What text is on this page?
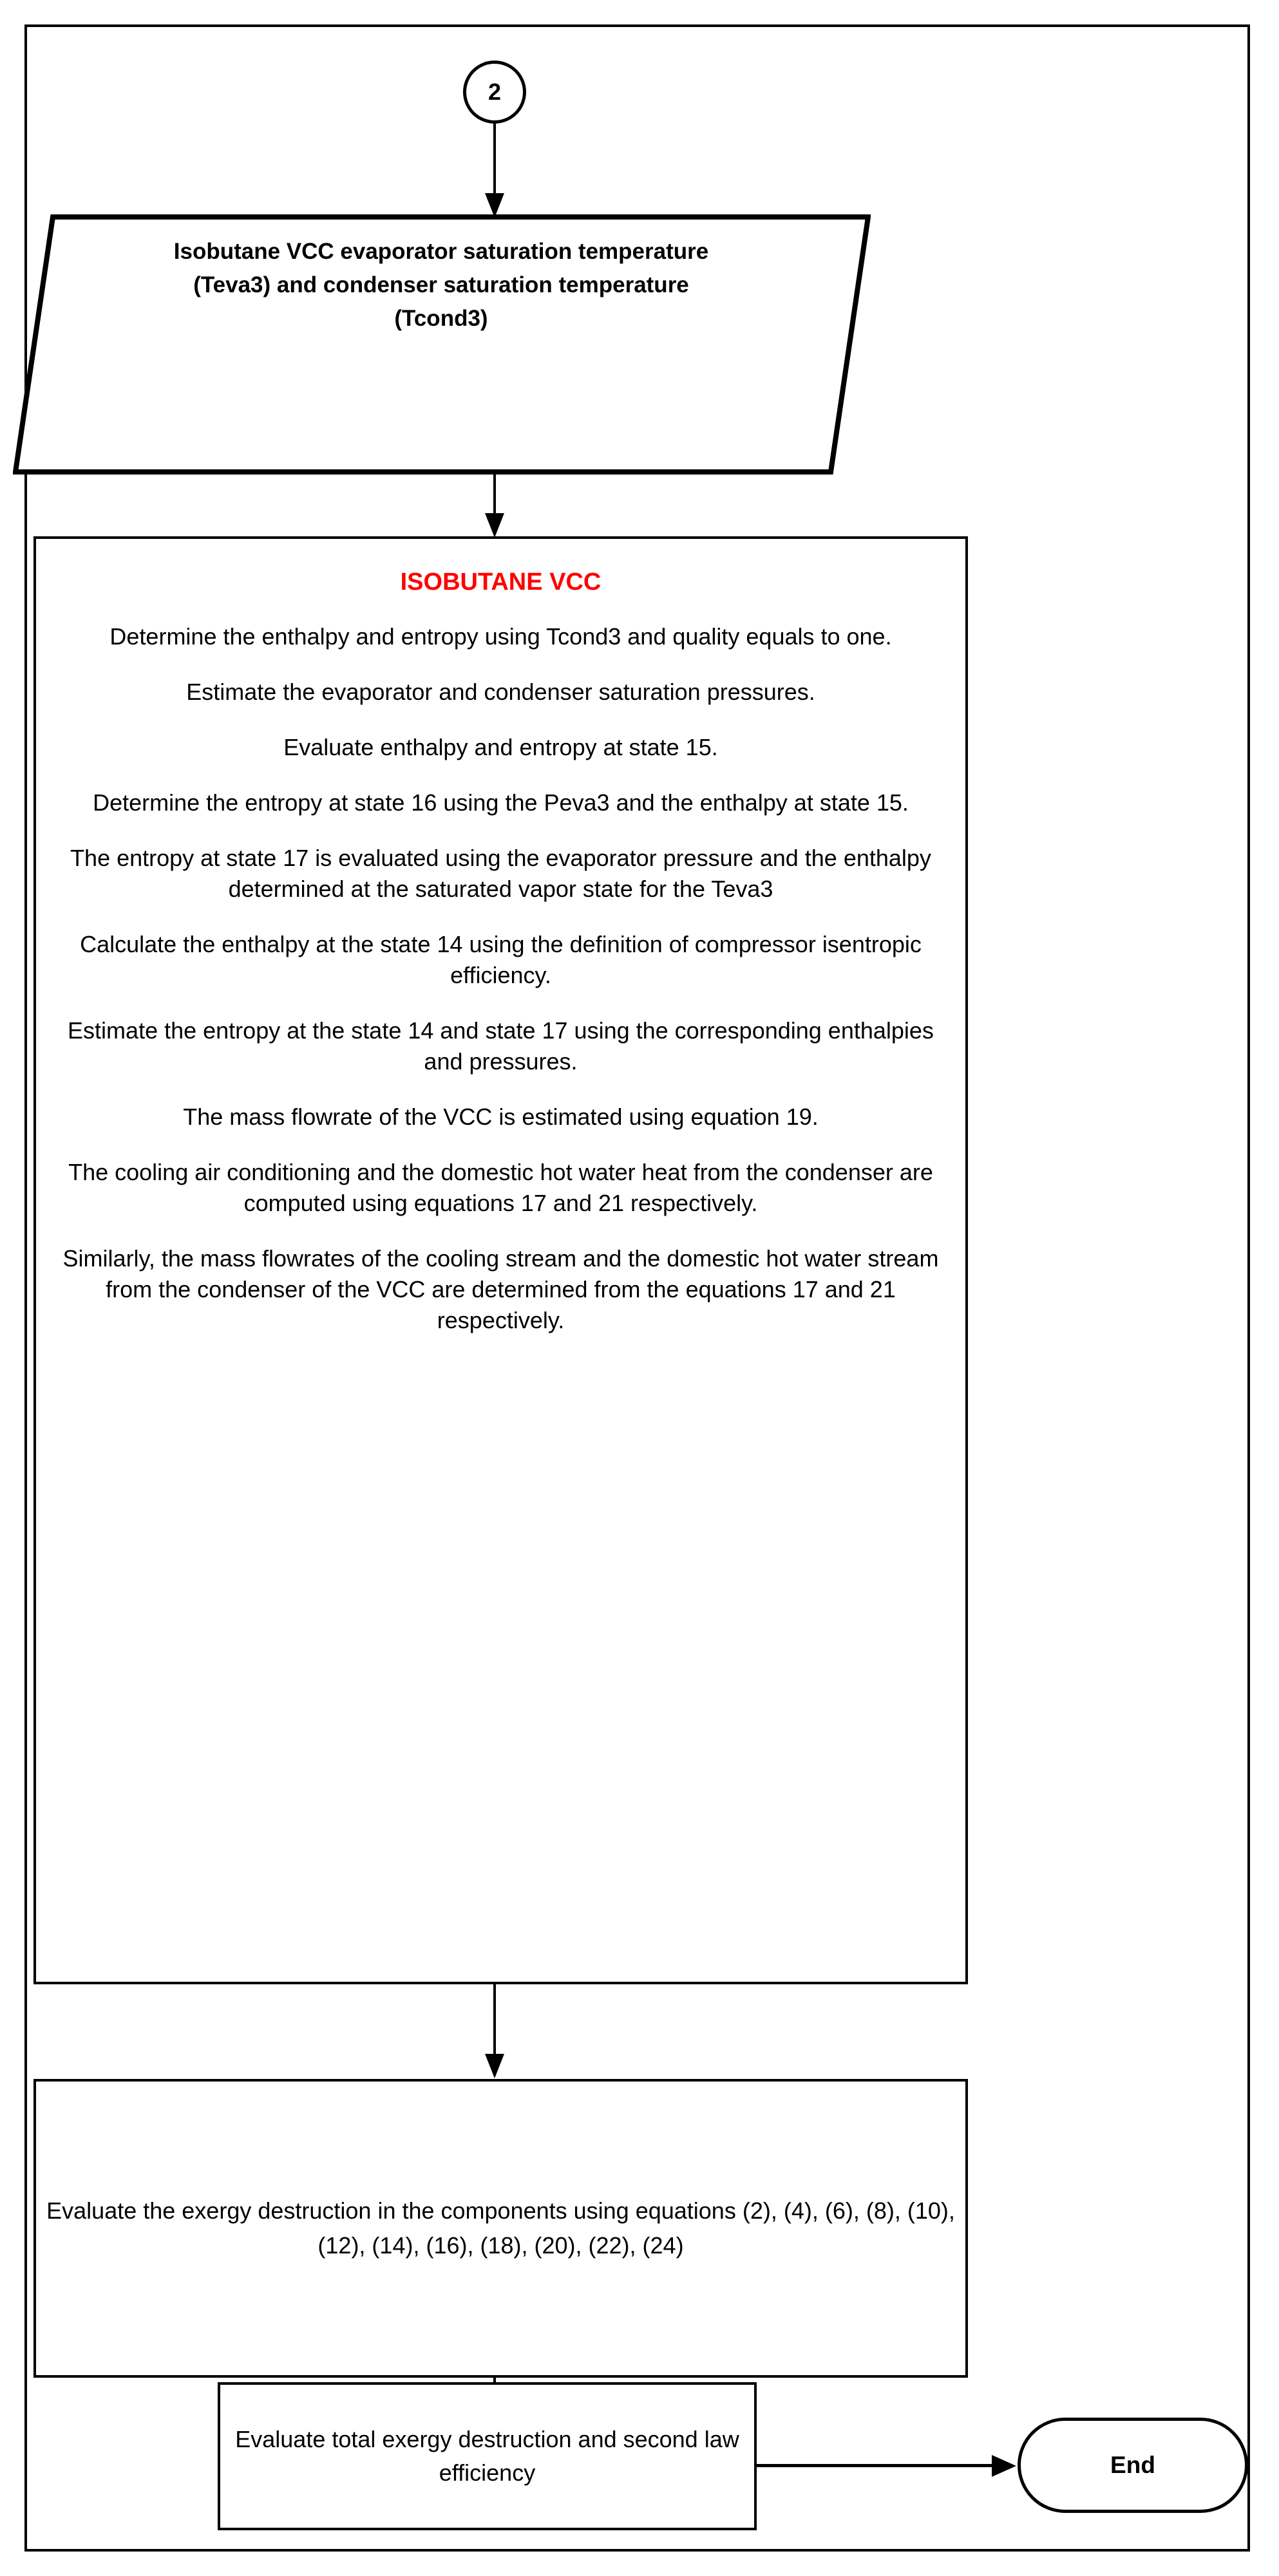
2
Isobutane VCC evaporator saturation temperature (Teva3) and condenser saturation temperature (Tcond3)
ISOBUTANE VCC
Determine the enthalpy and entropy using Tcond3 and quality equals to one.
Estimate the evaporator and condenser saturation pressures.
Evaluate enthalpy and entropy at state 15.
Determine the entropy at state 16 using the Peva3 and the enthalpy at state 15.
The entropy at state 17 is evaluated using the evaporator pressure and the enthalpy determined at the saturated vapor state for the Teva3
Calculate the enthalpy at the state 14 using the definition of compressor isentropic efficiency.
Estimate the entropy at the state 14 and state 17 using the corresponding enthalpies and pressures.
The mass flowrate of the VCC is estimated using equation 19.
The cooling air conditioning and the domestic hot water heat from the condenser are computed using equations 17 and 21 respectively.
Similarly, the mass flowrates of the cooling stream and the domestic hot water stream from the condenser of the VCC are determined from the equations 17 and 21 respectively.
Evaluate the exergy destruction in the components using equations (2), (4), (6), (8), (10), (12), (14), (16), (18), (20), (22), (24)
Evaluate total exergy destruction and second law efficiency	End
